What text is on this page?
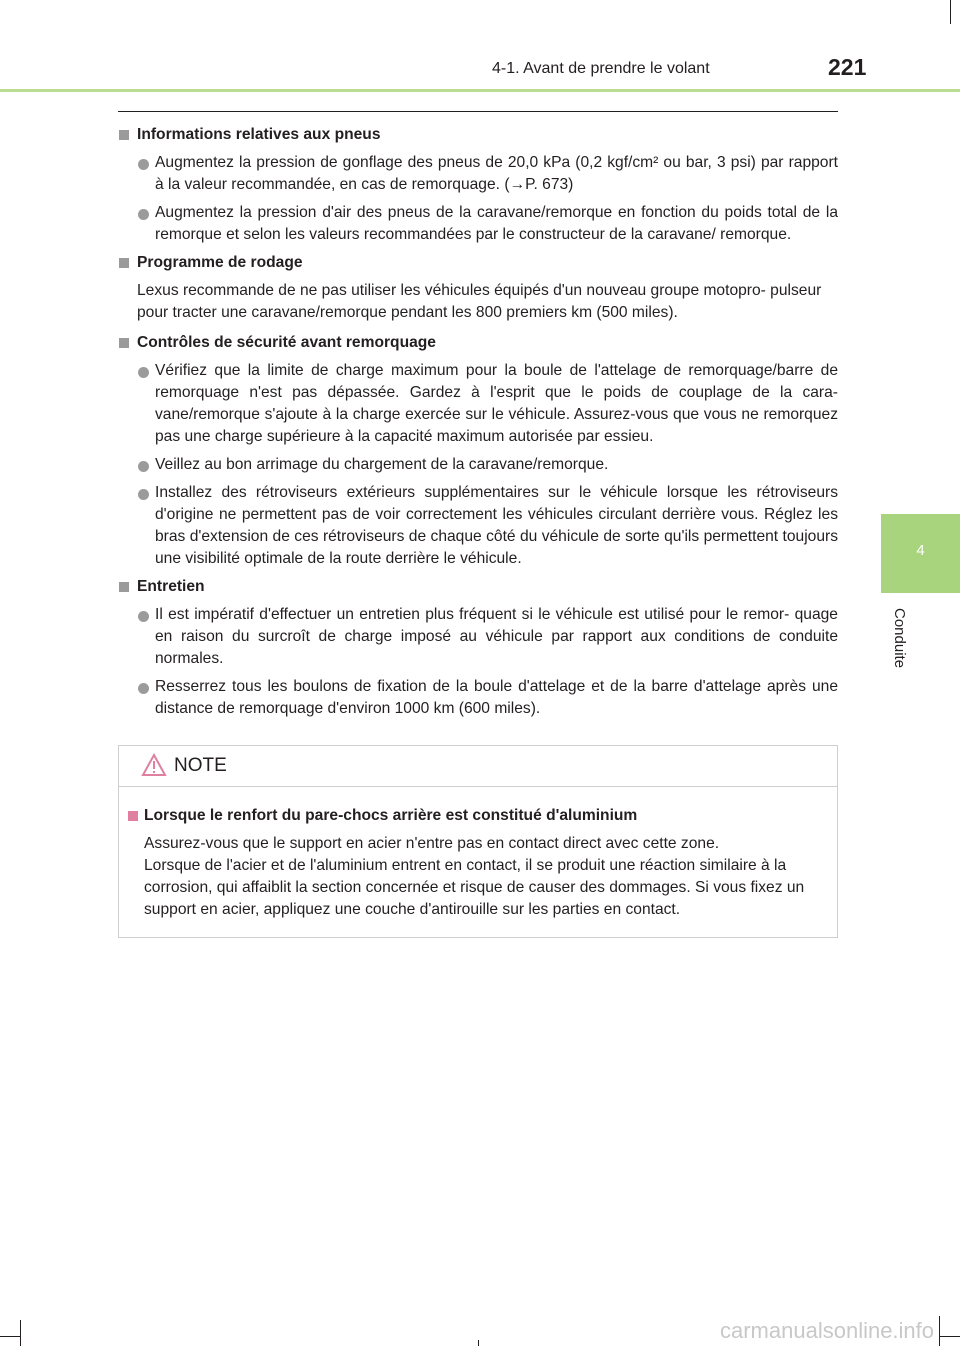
4-1. Avant de prendre le volant	221
4
Conduite
Informations relatives aux pneus
Augmentez la pression de gonflage des pneus de 20,0 kPa (0,2 kgf/cm² ou bar, 3 psi) par rapport à la valeur recommandée, en cas de remorquage. (→P. 673)
Augmentez la pression d'air des pneus de la caravane/remorque en fonction du poids total de la remorque et selon les valeurs recommandées par le constructeur de la caravane/ remorque.
Programme de rodage
Lexus recommande de ne pas utiliser les véhicules équipés d'un nouveau groupe motopro- pulseur pour tracter une caravane/remorque pendant les 800 premiers km (500 miles).
Contrôles de sécurité avant remorquage
Vérifiez que la limite de charge maximum pour la boule de l'attelage de remorquage/barre de remorquage n'est pas dépassée. Gardez à l'esprit que le poids de couplage de la cara- vane/remorque s'ajoute à la charge exercée sur le véhicule. Assurez-vous que vous ne remorquez pas une charge supérieure à la capacité maximum autorisée par essieu.
Veillez au bon arrimage du chargement de la caravane/remorque.
Installez des rétroviseurs extérieurs supplémentaires sur le véhicule lorsque les rétroviseurs d'origine ne permettent pas de voir correctement les véhicules circulant derrière vous. Réglez les bras d'extension de ces rétroviseurs de chaque côté du véhicule de sorte qu'ils permettent toujours une visibilité optimale de la route derrière le véhicule.
Entretien
Il est impératif d'effectuer un entretien plus fréquent si le véhicule est utilisé pour le remor- quage en raison du surcroît de charge imposé au véhicule par rapport aux conditions de conduite normales.
Resserrez tous les boulons de fixation de la boule d'attelage et de la barre d'attelage après une distance de remorquage d'environ 1000 km (600 miles).
NOTE
Lorsque le renfort du pare-chocs arrière est constitué d'aluminium

Assurez-vous que le support en acier n'entre pas en contact direct avec cette zone.

Lorsque de l'acier et de l'aluminium entrent en contact, il se produit une réaction similaire à la corrosion, qui affaiblit la section concernée et risque de causer des dommages. Si vous fixez un support en acier, appliquez une couche d'antirouille sur les parties en contact.

carmanualsonline.info
